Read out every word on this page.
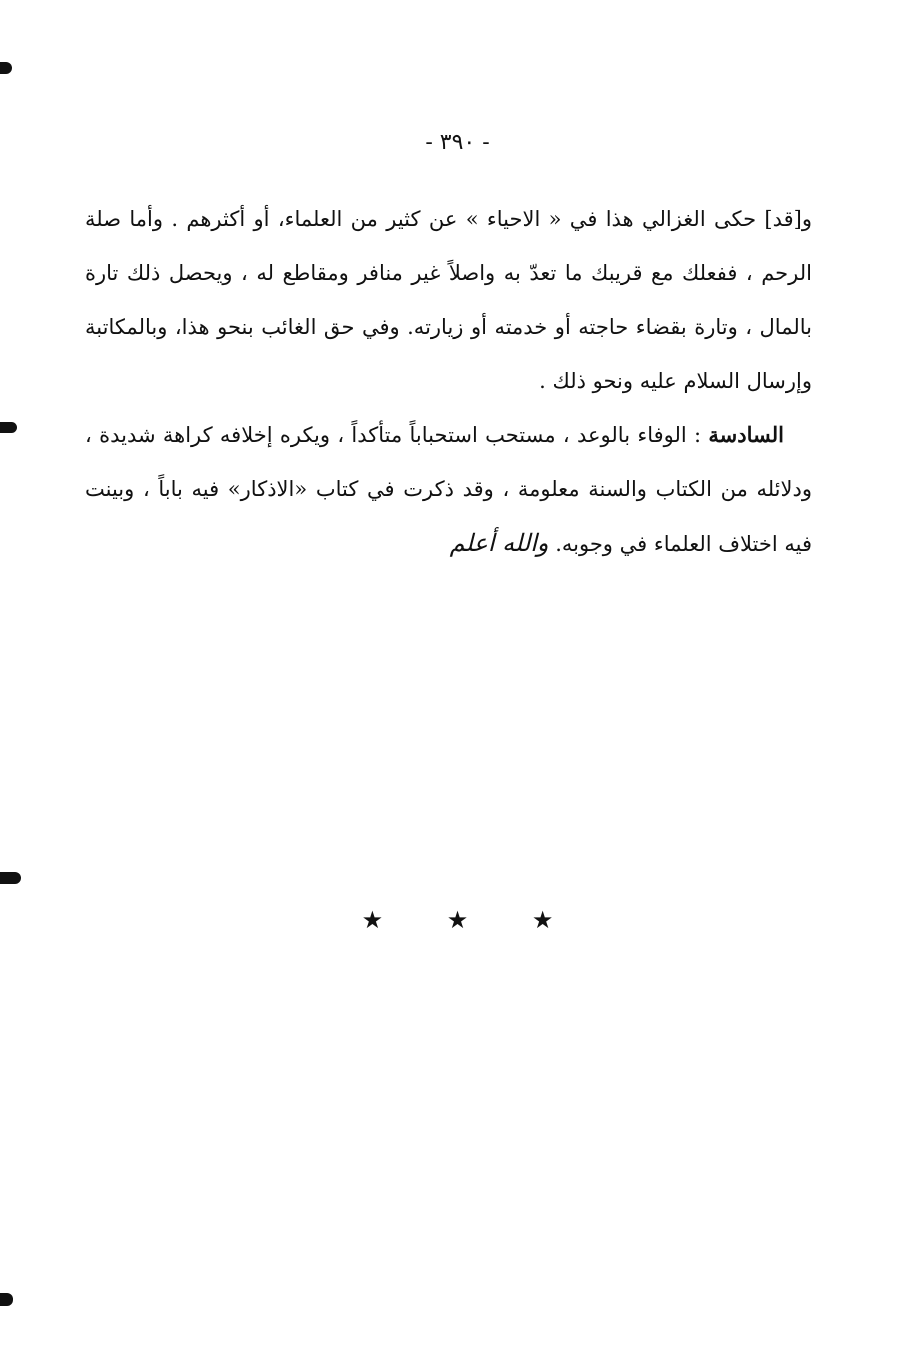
- ٣٩٠ -

و[قد] حكى الغزالي هذا في « الاحياء » عن كثير من العلماء، أو أكثرهم . وأما صلة الرحم ، ففعلك مع قريبك ما تعدّ به واصلاً غير منافر ومقاطع له ، ويحصل ذلك تارة بالمال ، وتارة بقضاء حاجته أو خدمته أو زيارته. وفي حق الغائب بنحو هذا، وبالمكاتبة وإرسال السلام عليه ونحو ذلك .

السادسة : الوفاء بالوعد ، مستحب استحباباً متأكداً ، ويكره إخلافه كراهة شديدة ، ودلائله من الكتاب والسنة معلومة ، وقد ذكرت في كتاب «الاذكار» فيه باباً ، وبينت فيه اختلاف العلماء في وجوبه. والله أعلم

★ ★ ★
